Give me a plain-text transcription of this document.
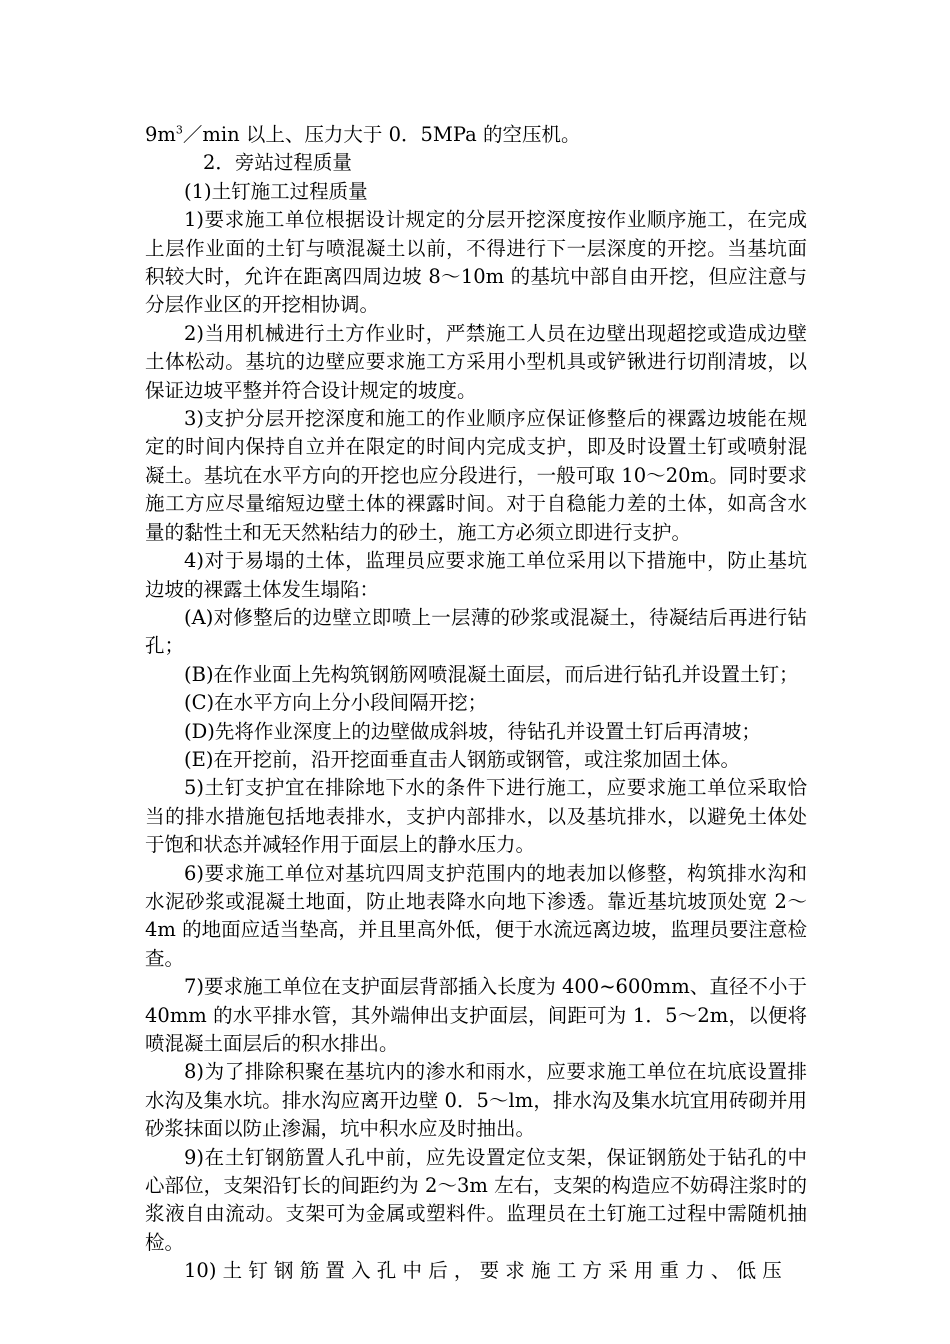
$9m^3/\min$ 以上、压力大于 0．5MPa 的空压机。

2．旁站过程质量

(1)土钉施工过程质量

1)要求施工单位根据设计规定的分层开挖深度按作业顺序施工，在完成上层作业面的土钉与喷混凝土以前，不得进行下一层深度的开挖。当基坑面积较大时，允许在距离四周边坡 8～10m 的基坑中部自由开挖，但应注意与分层作业区的开挖相协调。

2)当用机械进行土方作业时，严禁施工人员在边壁出现超挖或造成边壁土体松动。基坑的边壁应要求施工方采用小型机具或铲锹进行切削清坡，以保证边坡平整并符合设计规定的坡度。

3)支护分层开挖深度和施工的作业顺序应保证修整后的裸露边坡能在规定的时间内保持自立并在限定的时间内完成支护，即及时设置土钉或喷射混凝土。基坑在水平方向的开挖也应分段进行，一般可取 10～20m。同时要求施工方应尽量缩短边壁土体的裸露时间。对于自稳能力差的土体，如高含水量的黏性土和无天然粘结力的砂土，施工方必须立即进行支护。

4)对于易塌的土体，监理员应要求施工单位采用以下措施中，防止基坑边坡的裸露土体发生塌陷：

(A)对修整后的边壁立即喷上一层薄的砂浆或混凝土，待凝结后再进行钻孔；

(B)在作业面上先构筑钢筋网喷混凝土面层，而后进行钻孔并设置土钉；

(C)在水平方向上分小段间隔开挖；

(D)先将作业深度上的边壁做成斜坡，待钻孔并设置土钉后再清坡；

(E)在开挖前，沿开挖面垂直击人钢筋或钢管，或注浆加固土体。

5)土钉支护宜在排除地下水的条件下进行施工，应要求施工单位采取恰当的排水措施包括地表排水，支护内部排水，以及基坑排水，以避免土体处于饱和状态并减轻作用于面层上的静水压力。

6)要求施工单位对基坑四周支护范围内的地表加以修整，构筑排水沟和水泥砂浆或混凝土地面，防止地表降水向地下渗透。靠近基坑坡顶处宽 2～4m 的地面应适当垫高，并且里高外低，便于水流远离边坡，监理员要注意检查。

7)要求施工单位在支护面层背部插入长度为 400~600mm、直径不小于 40mm 的水平排水管，其外端伸出支护面层，间距可为 1．5～2m，以便将喷混凝土面层后的积水排出。

8)为了排除积聚在基坑内的渗水和雨水，应要求施工单位在坑底设置排水沟及集水坑。排水沟应离开边壁 0．5～lm，排水沟及集水坑宜用砖砌并用砂浆抹面以防止渗漏，坑中积水应及时抽出。

9)在土钉钢筋置人孔中前，应先设置定位支架，保证钢筋处于钻孔的中心部位，支架沿钉长的间距约为 2～3m 左右，支架的构造应不妨碍注浆时的浆液自由流动。支架可为金属或塑料件。监理员在土钉施工过程中需随机抽检。

10) 土 钉 钢 筋 置 入 孔 中 后 ， 要 求 施 工 方 采 用 重 力 、 低 压
